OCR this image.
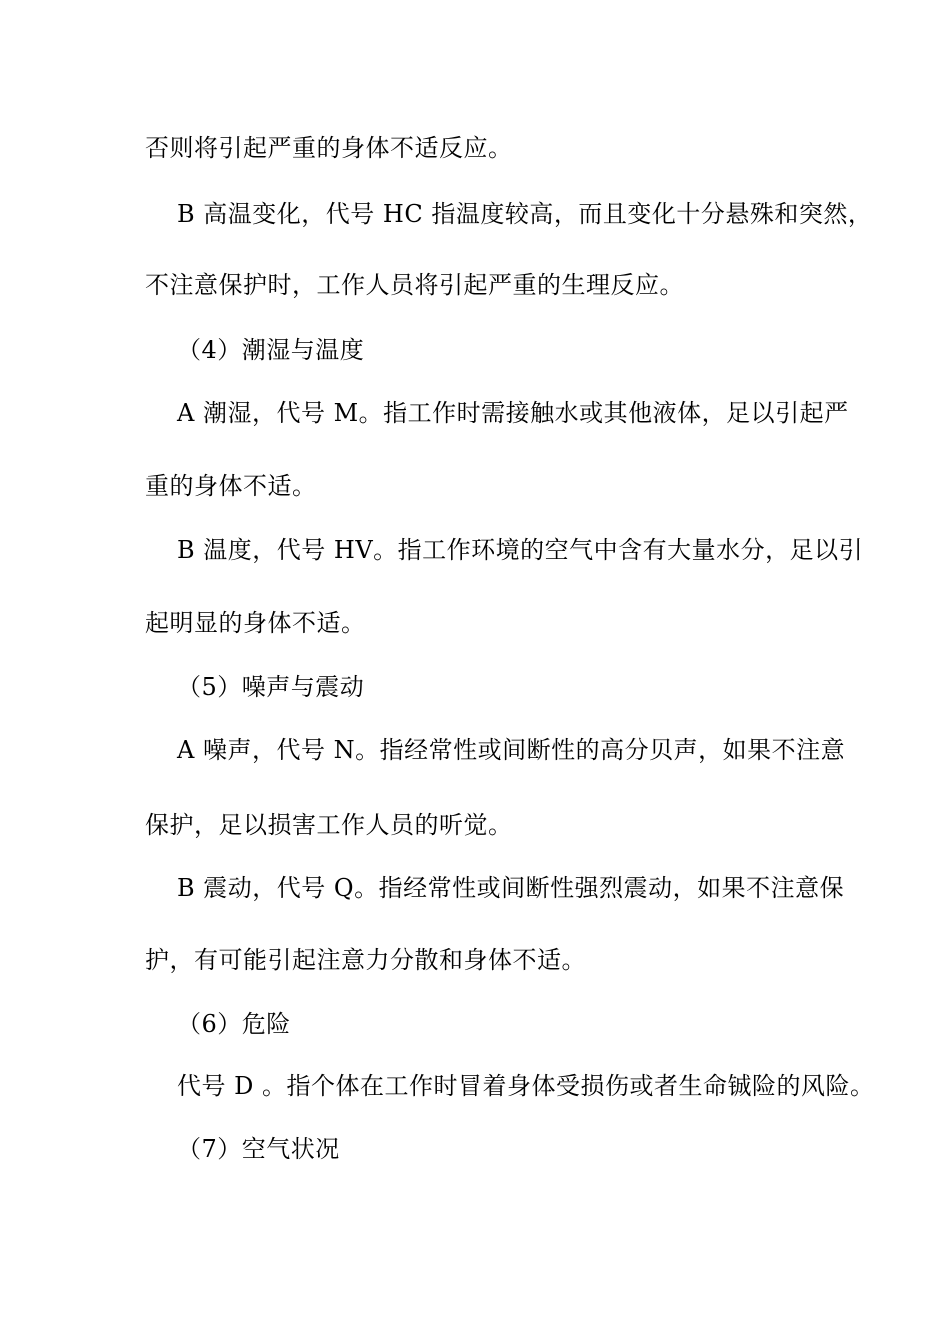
否则将引起严重的身体不适反应。
B 高温变化，代号 HC 指温度较高，而且变化十分悬殊和突然，
不注意保护时，工作人员将引起严重的生理反应。
（4）潮湿与温度
A 潮湿，代号 M。指工作时需接触水或其他液体，足以引起严
重的身体不适。
B 温度，代号 HV。指工作环境的空气中含有大量水分，足以引
起明显的身体不适。
（5）噪声与震动
A 噪声，代号 N。指经常性或间断性的高分贝声，如果不注意
保护，足以损害工作人员的听觉。
B 震动，代号 Q。指经常性或间断性强烈震动，如果不注意保
护，有可能引起注意力分散和身体不适。
（6）危险
代号 D 。指个体在工作时冒着身体受损伤或者生命铖险的风险。
（7）空气状况
